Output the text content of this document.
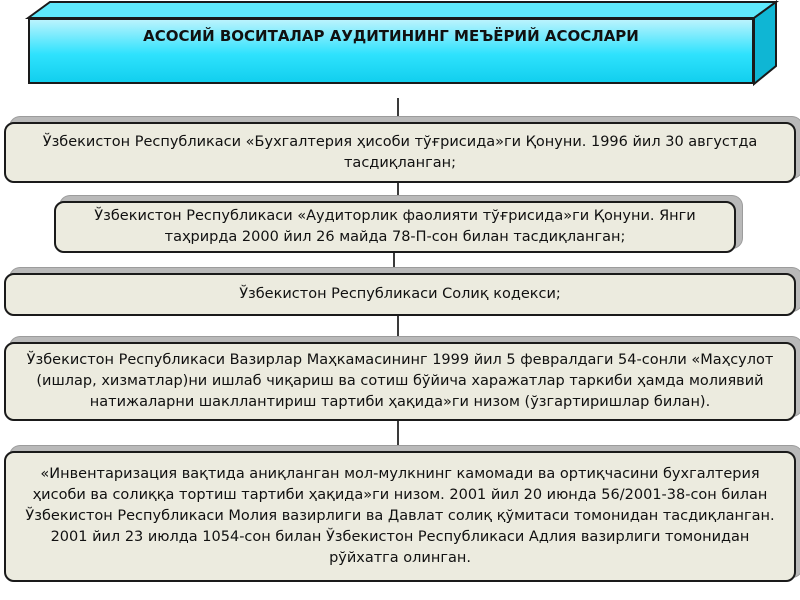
АСОСИЙ ВОСИТАЛАР АУДИТИНИНГ МЕЪЁРИЙ АСОСЛАРИ
Ўзбекистон Республикаси «Бухгалтерия ҳисоби тўғрисида»ги Қонуни. 1996 йил 30 августда тасдиқланган;
Ўзбекистон Республикаси «Аудиторлик фаолияти тўғрисида»ги Қонуни. Янги таҳрирда 2000 йил 26 майда 78-П-сон билан тасдиқланган;
Ўзбекистон Республикаси Солиқ кодекси;
Ўзбекистон Республикаси Вазирлар Маҳкамасининг 1999 йил 5 февралдаги 54-сонли «Маҳсулот (ишлар, хизматлар)ни ишлаб чиқариш ва сотиш бўйича харажатлар таркиби ҳамда молиявий натижаларни шакллантириш тартиби ҳақида»ги низом (ўзгартиришлар билан).
«Инвентаризация вақтида аниқланган мол-мулкнинг камомади ва ортиқчасини бухгалтерия ҳисоби ва солиққа тортиш тартиби ҳақида»ги низом. 2001 йил 20 июнда 56/2001-38-сон билан Ўзбекистон Республикаси Молия вазирлиги ва Давлат солиқ қўмитаси томонидан тасдиқланган. 2001 йил 23 июлда 1054-сон билан Ўзбекистон Республикаси Адлия вазирлиги томонидан рўйхатга олинган.
